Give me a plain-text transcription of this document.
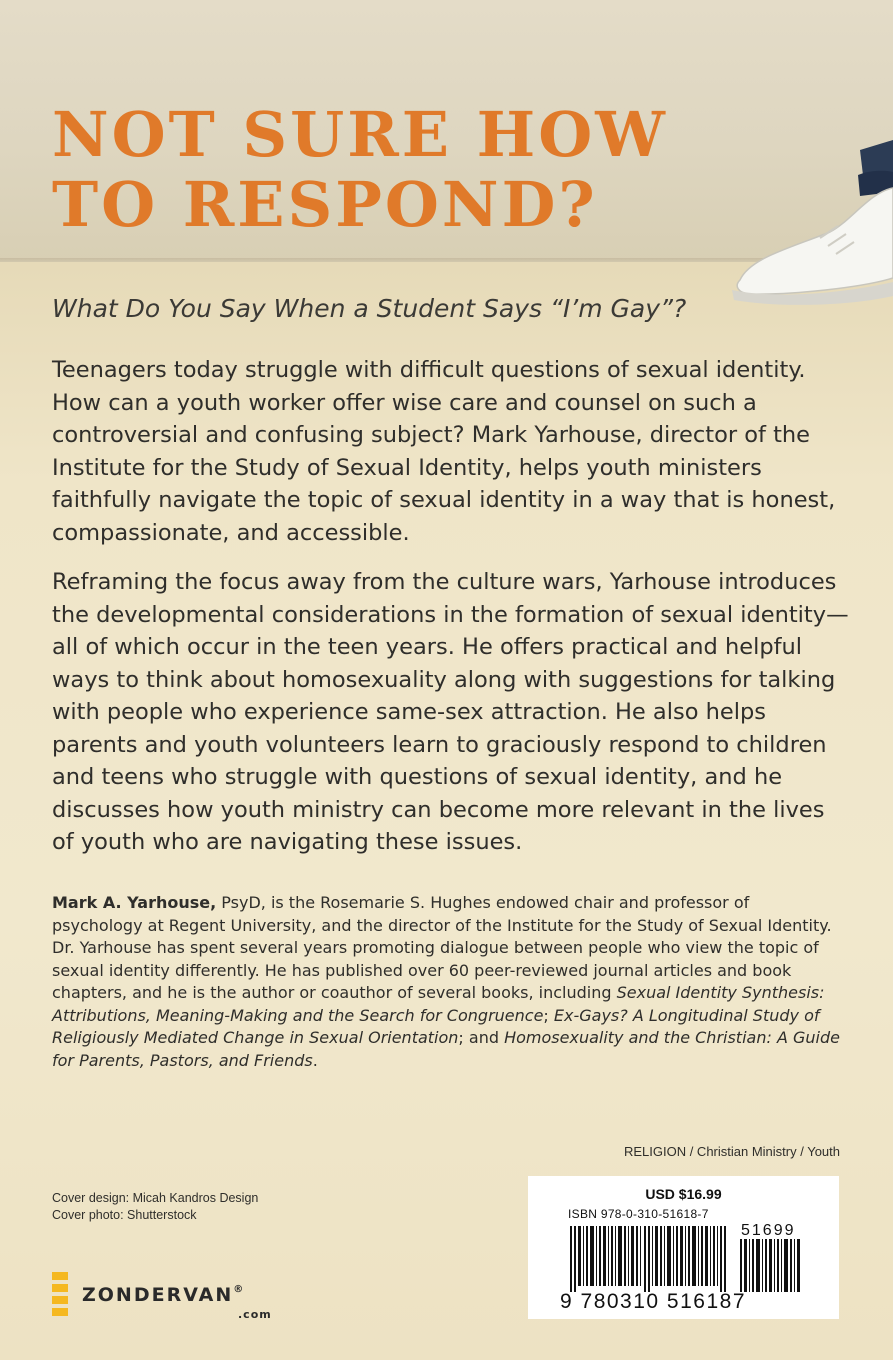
NOT SURE HOW
TO RESPOND?

What Do You Say When a Student Says “I’m Gay”?

Teenagers today struggle with difficult questions of sexual identity. How can a youth worker offer wise care and counsel on such a controversial and confusing subject? Mark Yarhouse, director of the Institute for the Study of Sexual Identity, helps youth ministers faithfully navigate the topic of sexual identity in a way that is honest, compassionate, and accessible.

Reframing the focus away from the culture wars, Yarhouse introduces the developmental considerations in the formation of sexual identity—all of which occur in the teen years. He offers practical and helpful ways to think about homosexuality along with suggestions for talking with people who experience same-sex attraction. He also helps parents and youth volunteers learn to graciously respond to children and teens who struggle with questions of sexual identity, and he discusses how youth ministry can become more relevant in the lives of youth who are navigating these issues.

Mark A. Yarhouse, PsyD, is the Rosemarie S. Hughes endowed chair and professor of psychology at Regent University, and the director of the Institute for the Study of Sexual Identity. Dr. Yarhouse has spent several years promoting dialogue between people who view the topic of sexual identity differently. He has published over 60 peer-reviewed journal articles and book chapters, and he is the author or coauthor of several books, including Sexual Identity Synthesis: Attributions, Meaning-Making and the Search for Congruence; Ex-Gays? A Longitudinal Study of Religiously Mediated Change in Sexual Orientation; and Homosexuality and the Christian: A Guide for Parents, Pastors, and Friends.

RELIGION / Christian Ministry / Youth
Cover design: Micah Kandros Design
Cover photo: Shutterstock
USD $16.99
ISBN 978-0-310-51618-7
51699
9 780310 516187
ZONDERVAN®
.com
